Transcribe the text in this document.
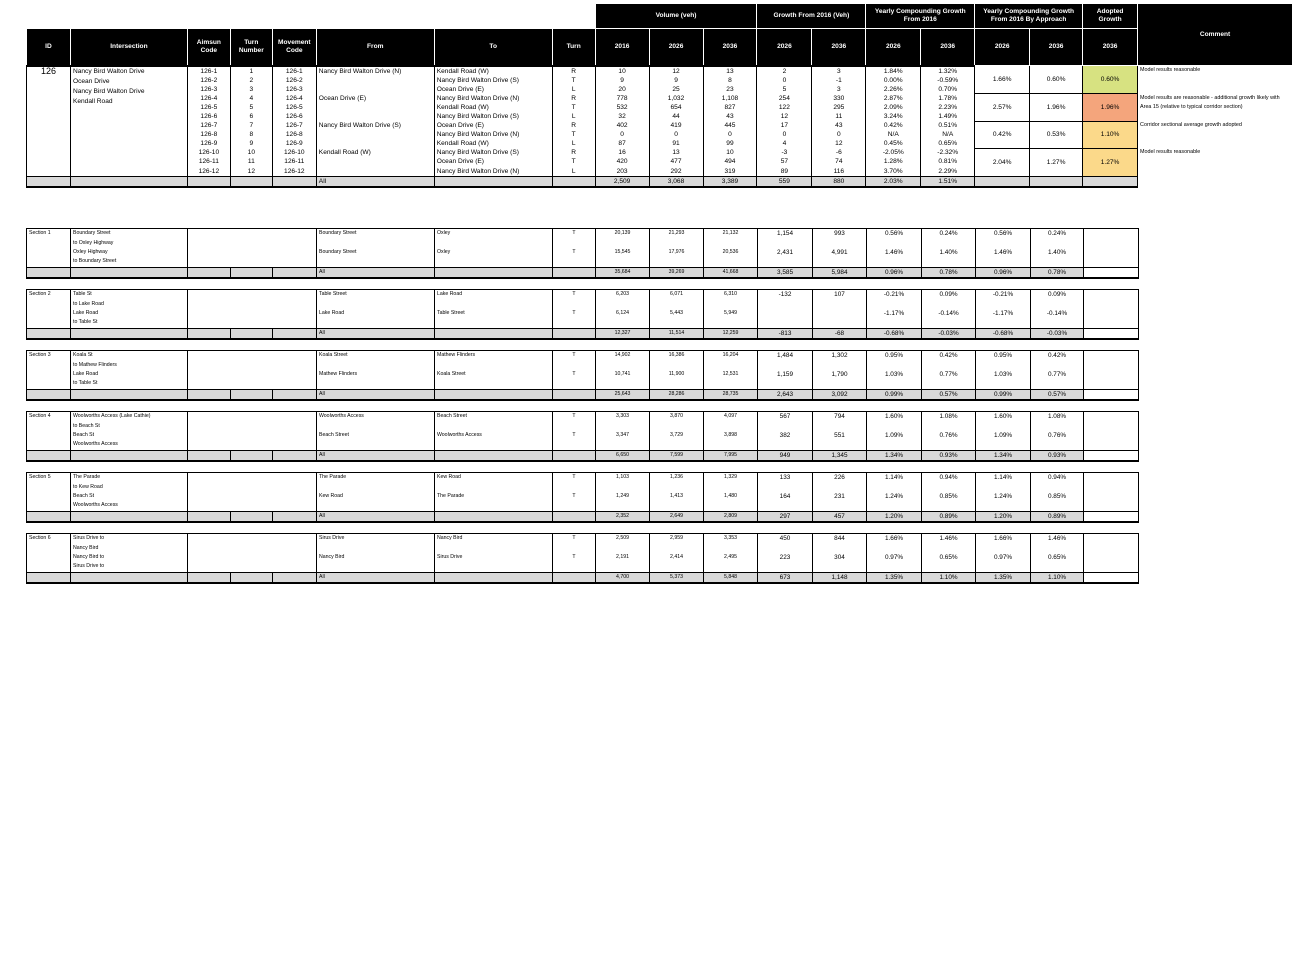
								Volume (veh)			Growth From 2016 (Veh)		Yearly Compounding Growth From 2016		Yearly Compounding Growth From 2016 By Approach		Adopted Growth	Comment
ID	Intersection	Aimsun Code	Turn Number	Movement Code	From	To	Turn	2016	2026	2036	2026	2036	2026	2036	2026	2036	2036	
126	Nancy Bird Walton Drive
Ocean Drive
Nancy Bird Walton Drive
Kendall Road	126-1	1	126-1	Nancy Bird Walton Drive (N)	Kendall Road (W)	R	10	12	13	2	3	1.84%	1.32%	1.66%	0.60%	0.60%	Model results reasonable
		126-2	2	126-2		Nancy Bird Walton Drive (S)	T	9	9	8	0	-1	0.00%	-0.59%				
		126-3	3	126-3		Ocean Drive (E)	L	20	25	23	5	3	2.26%	0.70%				
		126-4	4	126-4	Ocean Drive (E)	Nancy Bird Walton Drive (N)	R	778	1,032	1,108	254	330	2.87%	1.78%	2.57%	1.96%	1.96%	Model results are reasonable - additional growth likely with Area 15 (relative to typical corridor section)
		126-5	5	126-5		Kendall Road (W)	T	532	654	827	122	295	2.09%	2.23%				
		126-6	6	126-6		Nancy Bird Walton Drive (S)	L	32	44	43	12	11	3.24%	1.49%				
		126-7	7	126-7	Nancy Bird Walton Drive (S)	Ocean Drive (E)	R	402	419	445	17	43	0.42%	0.51%	0.42%	0.53%	1.10%	Corridor sectional average growth adopted
		126-8	8	126-8		Nancy Bird Walton Drive (N)	T	0	0	0	0	0	N/A	N/A				
		126-9	9	126-9		Kendall Road (W)	L	87	91	99	4	12	0.45%	0.65%				
		126-10	10	126-10	Kendall Road (W)	Nancy Bird Walton Drive (S)	R	16	13	10	-3	-6	-2.05%	-2.32%	2.04%	1.27%	1.27%	Model results reasonable
		126-11	11	126-11		Ocean Drive (E)	T	420	477	494	57	74	1.28%	0.81%				
		126-12	12	126-12		Nancy Bird Walton Drive (N)	L	203	292	319	89	116	3.70%	2.29%				
					All			2,509	3,068	3,389	559	880	2.03%	1.51%				
Section 1	Boundary Street				Boundary Street	Oxley	T	20,139	21,293	21,132	1,154	993	0.56%	0.24%	0.56%	0.24%	
	to Oxley Highway																
	Oxley Highway				Boundary Street	Oxley	T	15,545	17,976	20,536	2,431	4,991	1.46%	1.40%	1.46%	1.40%	
	to Boundary Street																
					All			35,684	39,269	41,668	3,585	5,984	0.96%	0.78%	0.96%	0.78%	
Section 2	Table St				Table Street	Lake Road	T	6,203	6,071	6,310	-132	107	-0.21%	0.09%	-0.21%	0.09%	
	to Lake Road																
	Lake Road				Lake Road	Table Street	T	6,124	5,443	5,949			-1.17%	-0.14%	-1.17%	-0.14%	
	to Table St																
					All			12,327	11,514	12,259	-813	-68	-0.68%	-0.03%	-0.68%	-0.03%	
Section 3	Koala St				Koala Street	Mathew Flinders	T	14,902	16,386	16,204	1,484	1,302	0.95%	0.42%	0.95%	0.42%	
	to Mathew Flinders																
	Lake Road				Mathew Flinders	Koala Street	T	10,741	11,900	12,531	1,159	1,790	1.03%	0.77%	1.03%	0.77%	
	to Table St																
					All			25,643	28,286	28,735	2,643	3,092	0.99%	0.57%	0.99%	0.57%	
Section 4	Woolworths Access (Lake Cathie)				Woolworths Access	Beach Street	T	3,303	3,870	4,097	567	794	1.60%	1.08%	1.60%	1.08%	
	to Beach St																
	Beach St				Beach Street	Woolworths Access	T	3,347	3,729	3,898	382	551	1.09%	0.76%	1.09%	0.76%	
	Woolworths Access																
					All			6,650	7,599	7,995	949	1,345	1.34%	0.93%	1.34%	0.93%	
Section 5	The Parade				The Parade	Kew Road	T	1,103	1,236	1,329	133	226	1.14%	0.94%	1.14%	0.94%	
	to Kew Road																
	Beach St				Kew Road	The Parade	T	1,249	1,413	1,480	164	231	1.24%	0.85%	1.24%	0.85%	
	Woolworths Access																
					All			2,352	2,649	2,809	297	457	1.20%	0.89%	1.20%	0.89%	
Section 6	Sirus Drive to				Sirus Drive	Nancy Bird	T	2,509	2,959	3,353	450	844	1.66%	1.46%	1.66%	1.46%	
	Nancy Bird																
	Nancy Bird to				Nancy Bird	Sirus Drive	T	2,191	2,414	2,495	223	304	0.97%	0.65%	0.97%	0.65%	
	Sirus Drive to																
					All			4,700	5,373	5,848	673	1,148	1.35%	1.10%	1.35%	1.10%	
